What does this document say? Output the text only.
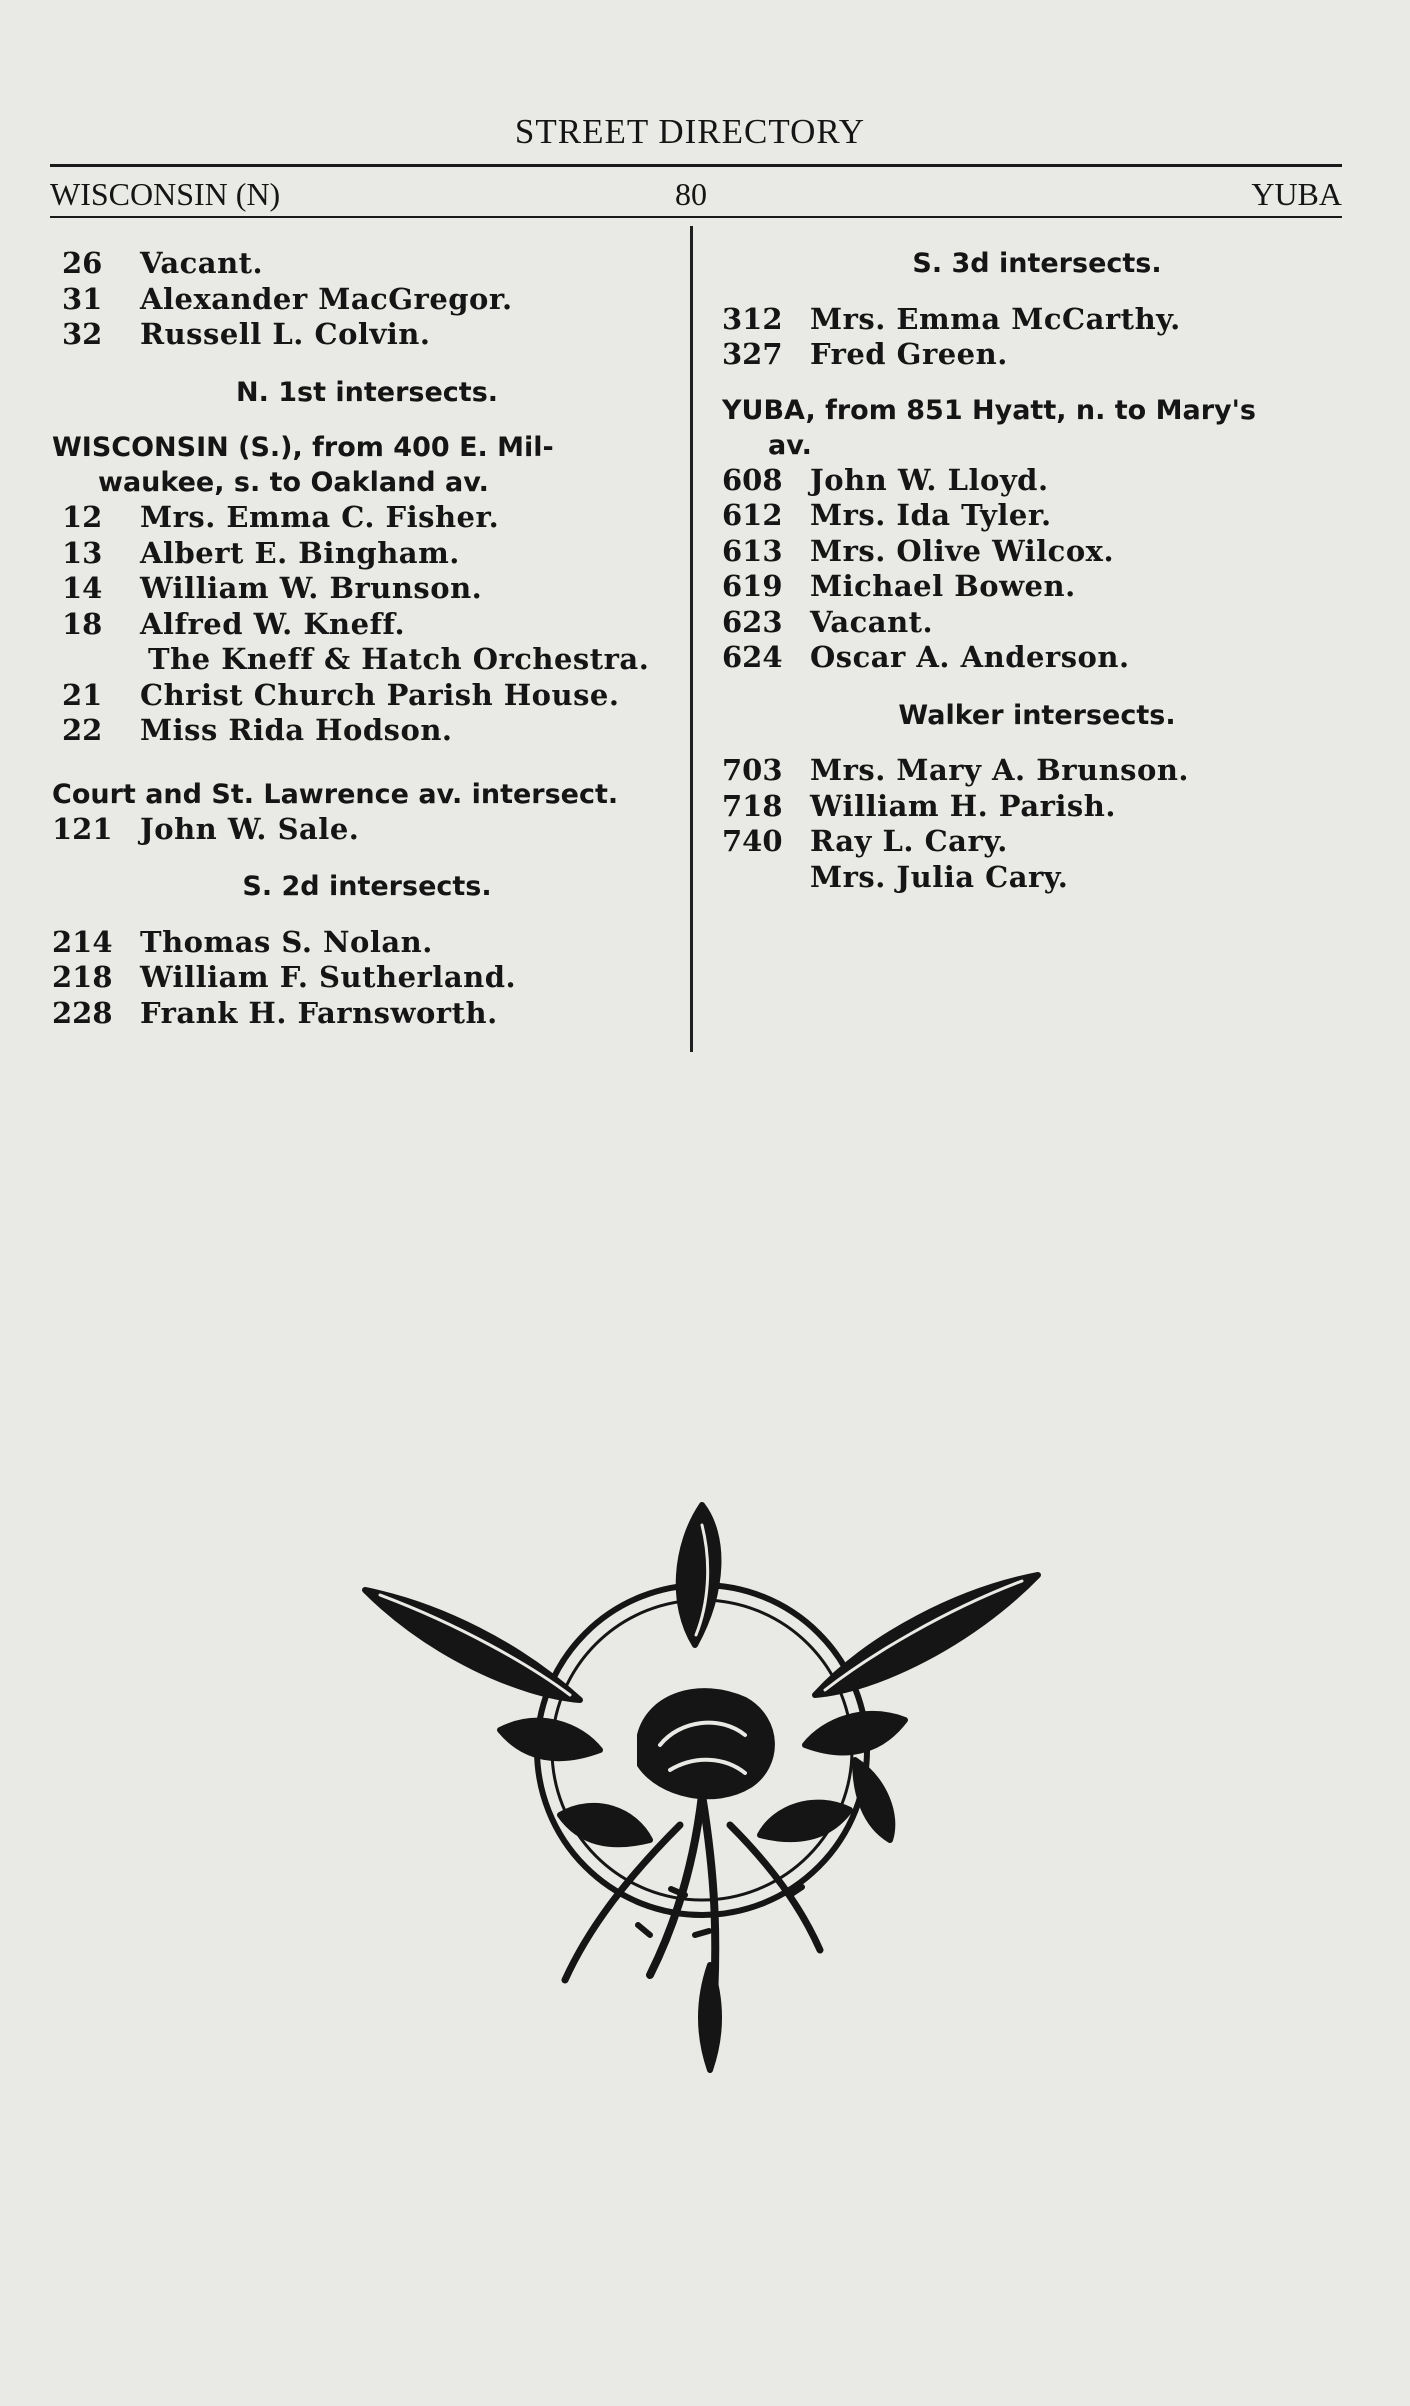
STREET DIRECTORY
WISCONSIN (N)	80	YUBA
26	Vacant.
31	Alexander MacGregor.
32	Russell L. Colvin.
N. 1st intersects.
WISCONSIN (S.), from 400 E. Mil-
waukee, s. to Oakland av.
12	Mrs. Emma C. Fisher.
13	Albert E. Bingham.
14	William W. Brunson.
18	Alfred W. Kneff.
The Kneff & Hatch Orchestra.
21	Christ Church Parish House.
22	Miss Rida Hodson.
Court and St. Lawrence av. intersect.
121 John W. Sale.
S. 2d intersects.
214 Thomas S. Nolan.
218 William F. Sutherland.
228 Frank H. Farnsworth.
S. 3d intersects.
312 Mrs. Emma McCarthy.
327 Fred Green.
YUBA, from 851 Hyatt, n. to Mary's
av.
608 John W. Lloyd.
612 Mrs. Ida Tyler.
613 Mrs. Olive Wilcox.
619 Michael Bowen.
623 Vacant.
624 Oscar A. Anderson.
Walker intersects.
703 Mrs. Mary A. Brunson.
718 William H. Parish.
740 Ray L. Cary.
Mrs. Julia Cary.
